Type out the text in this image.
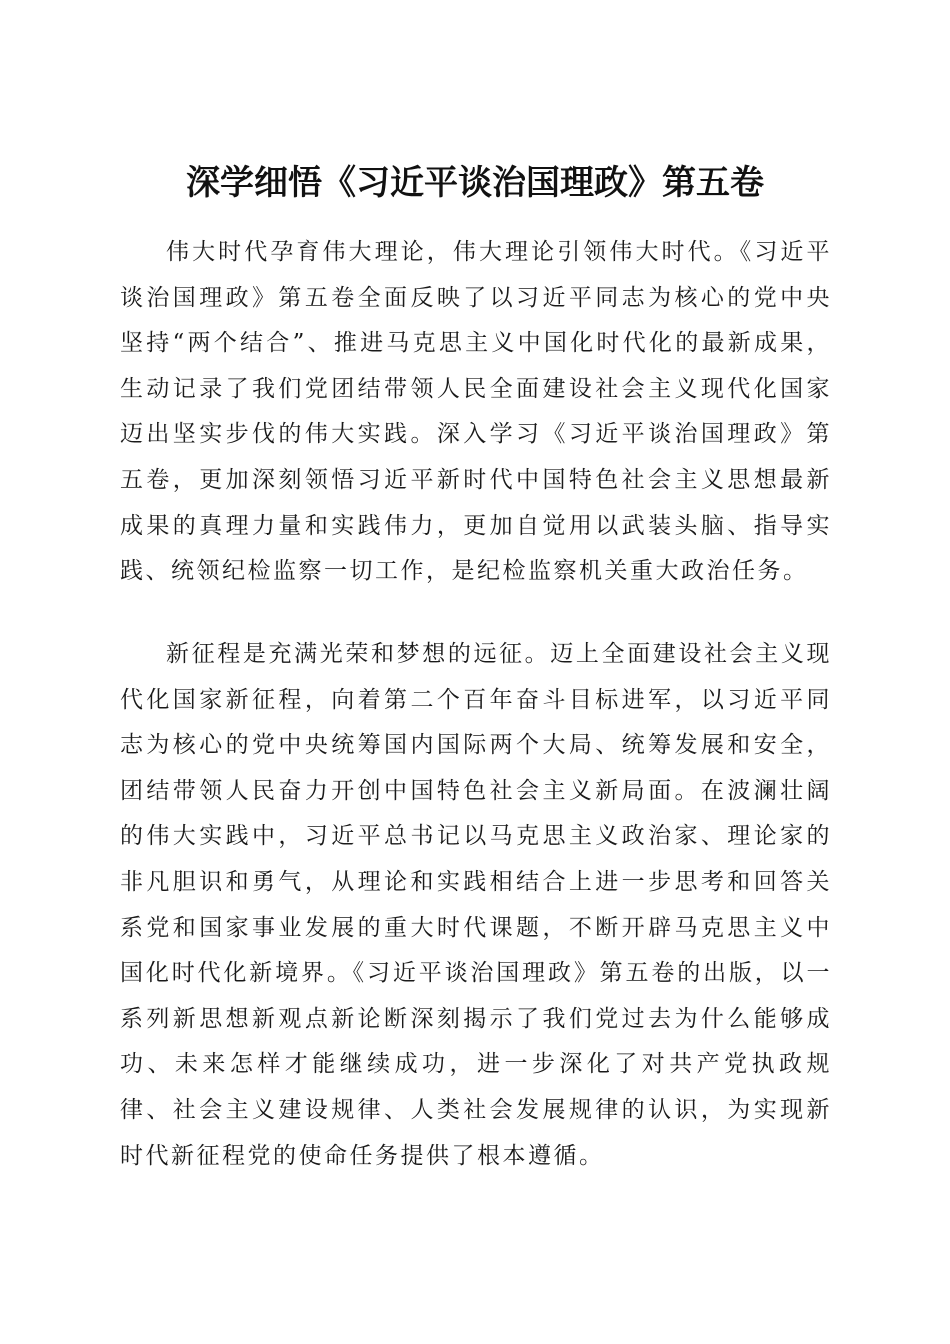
深学细悟《习近平谈治国理政》第五卷

伟大时代孕育伟大理论，伟大理论引领伟大时代。《习近平谈治国理政》第五卷全面反映了以习近平同志为核心的党中央坚持“两个结合”、推进马克思主义中国化时代化的最新成果，生动记录了我们党团结带领人民全面建设社会主义现代化国家迈出坚实步伐的伟大实践。深入学习《习近平谈治国理政》第五卷，更加深刻领悟习近平新时代中国特色社会主义思想最新成果的真理力量和实践伟力，更加自觉用以武装头脑、指导实践、统领纪检监察一切工作，是纪检监察机关重大政治任务。

新征程是充满光荣和梦想的远征。迈上全面建设社会主义现代化国家新征程，向着第二个百年奋斗目标进军，以习近平同志为核心的党中央统筹国内国际两个大局、统筹发展和安全，团结带领人民奋力开创中国特色社会主义新局面。在波澜壮阔的伟大实践中，习近平总书记以马克思主义政治家、理论家的非凡胆识和勇气，从理论和实践相结合上进一步思考和回答关系党和国家事业发展的重大时代课题，不断开辟马克思主义中国化时代化新境界。《习近平谈治国理政》第五卷的出版，以一系列新思想新观点新论断深刻揭示了我们党过去为什么能够成功、未来怎样才能继续成功，进一步深化了对共产党执政规律、社会主义建设规律、人类社会发展规律的认识，为实现新时代新征程党的使命任务提供了根本遵循。
